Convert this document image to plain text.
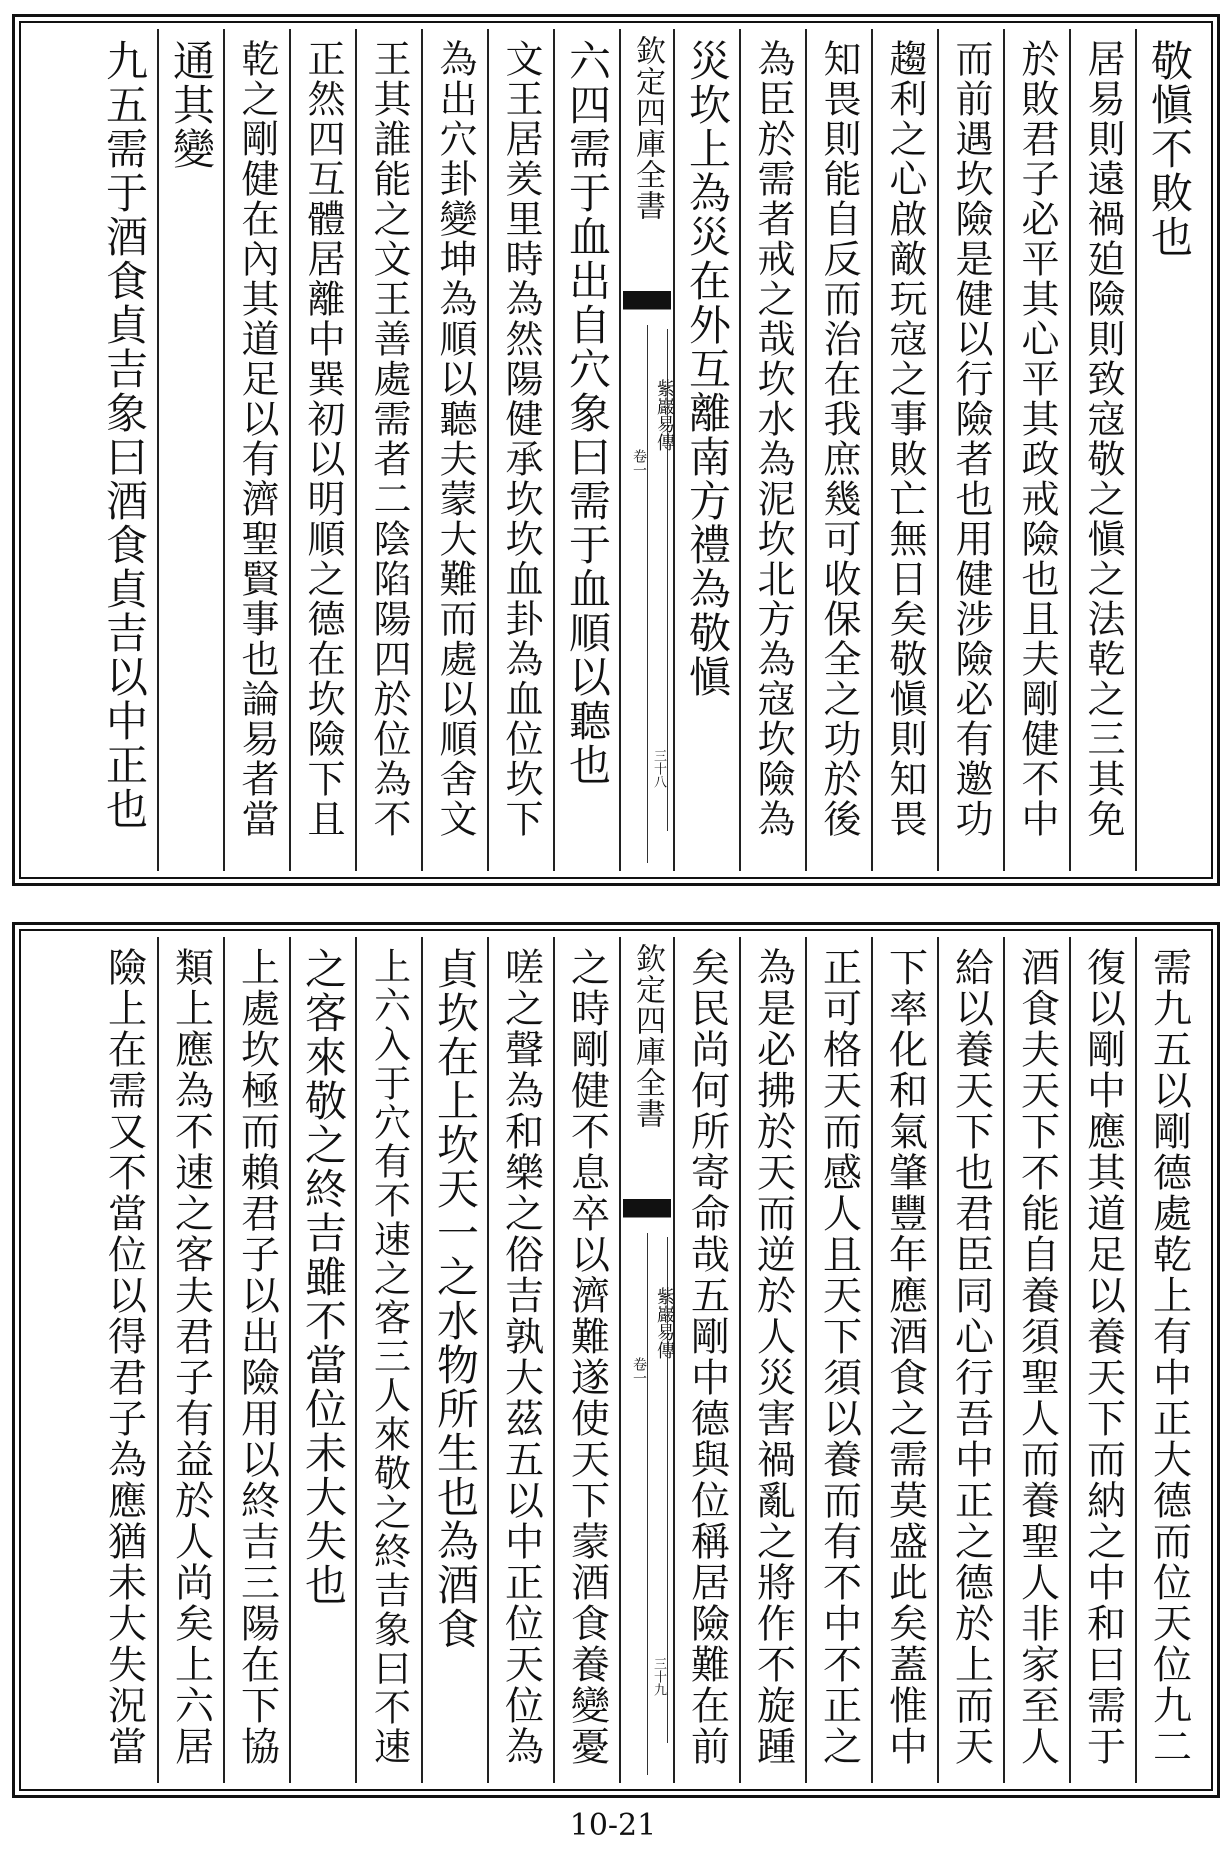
敬愼不敗也
居易則遠禍廹險則致寇敬之愼之法乾之三其免
於敗君子必平其心平其政戒險也且夫剛健不中
而前遇坎險是健以行險者也用健涉險必有邀功
趨利之心啟敵玩寇之事敗亡無日矣敬愼則知畏
知畏則能自反而治在我庶幾可收保全之功於後
為臣於需者戒之哉坎水為泥坎北方為寇坎險為
災坎上為災在外互離南方禮為敬愼
欽定四庫全書
紫巖易傳
卷一
三十八
六四需于血出自穴象曰需于血順以聽也
文王居羑里時為然陽健承坎坎血卦為血位坎下
為出穴卦變坤為順以聽夫蒙大難而處以順舍文
王其誰能之文王善處需者二陰陷陽四於位為不
正然四互體居離中巽初以明順之德在坎險下且
乾之剛健在內其道足以有濟聖賢事也論易者當
通其變
九五需于酒食貞吉象曰酒食貞吉以中正也
需九五以剛德處乾上有中正大德而位天位九二
復以剛中應其道足以養天下而納之中和曰需于
酒食夫天下不能自養須聖人而養聖人非家至人
給以養天下也君臣同心行吾中正之德於上而天
下率化和氣肇豐年應酒食之需莫盛此矣蓋惟中
正可格天而感人且天下須以養而有不中不正之
為是必拂於天而逆於人災害禍亂之將作不旋踵
矣民尚何所寄命哉五剛中德與位稱居險難在前
欽定四庫全書
紫巖易傳
卷一
三十九
之時剛健不息卒以濟難遂使天下蒙酒食養變憂
嗟之聲為和樂之俗吉孰大茲五以中正位天位為
貞坎在上坎天一之水物所生也為酒食
上六入于穴有不速之客三人來敬之終吉象曰不速
之客來敬之終吉雖不當位未大失也
上處坎極而賴君子以出險用以終吉三陽在下協
類上應為不速之客夫君子有益於人尚矣上六居
險上在需又不當位以得君子為應猶未大失況當
10-21
